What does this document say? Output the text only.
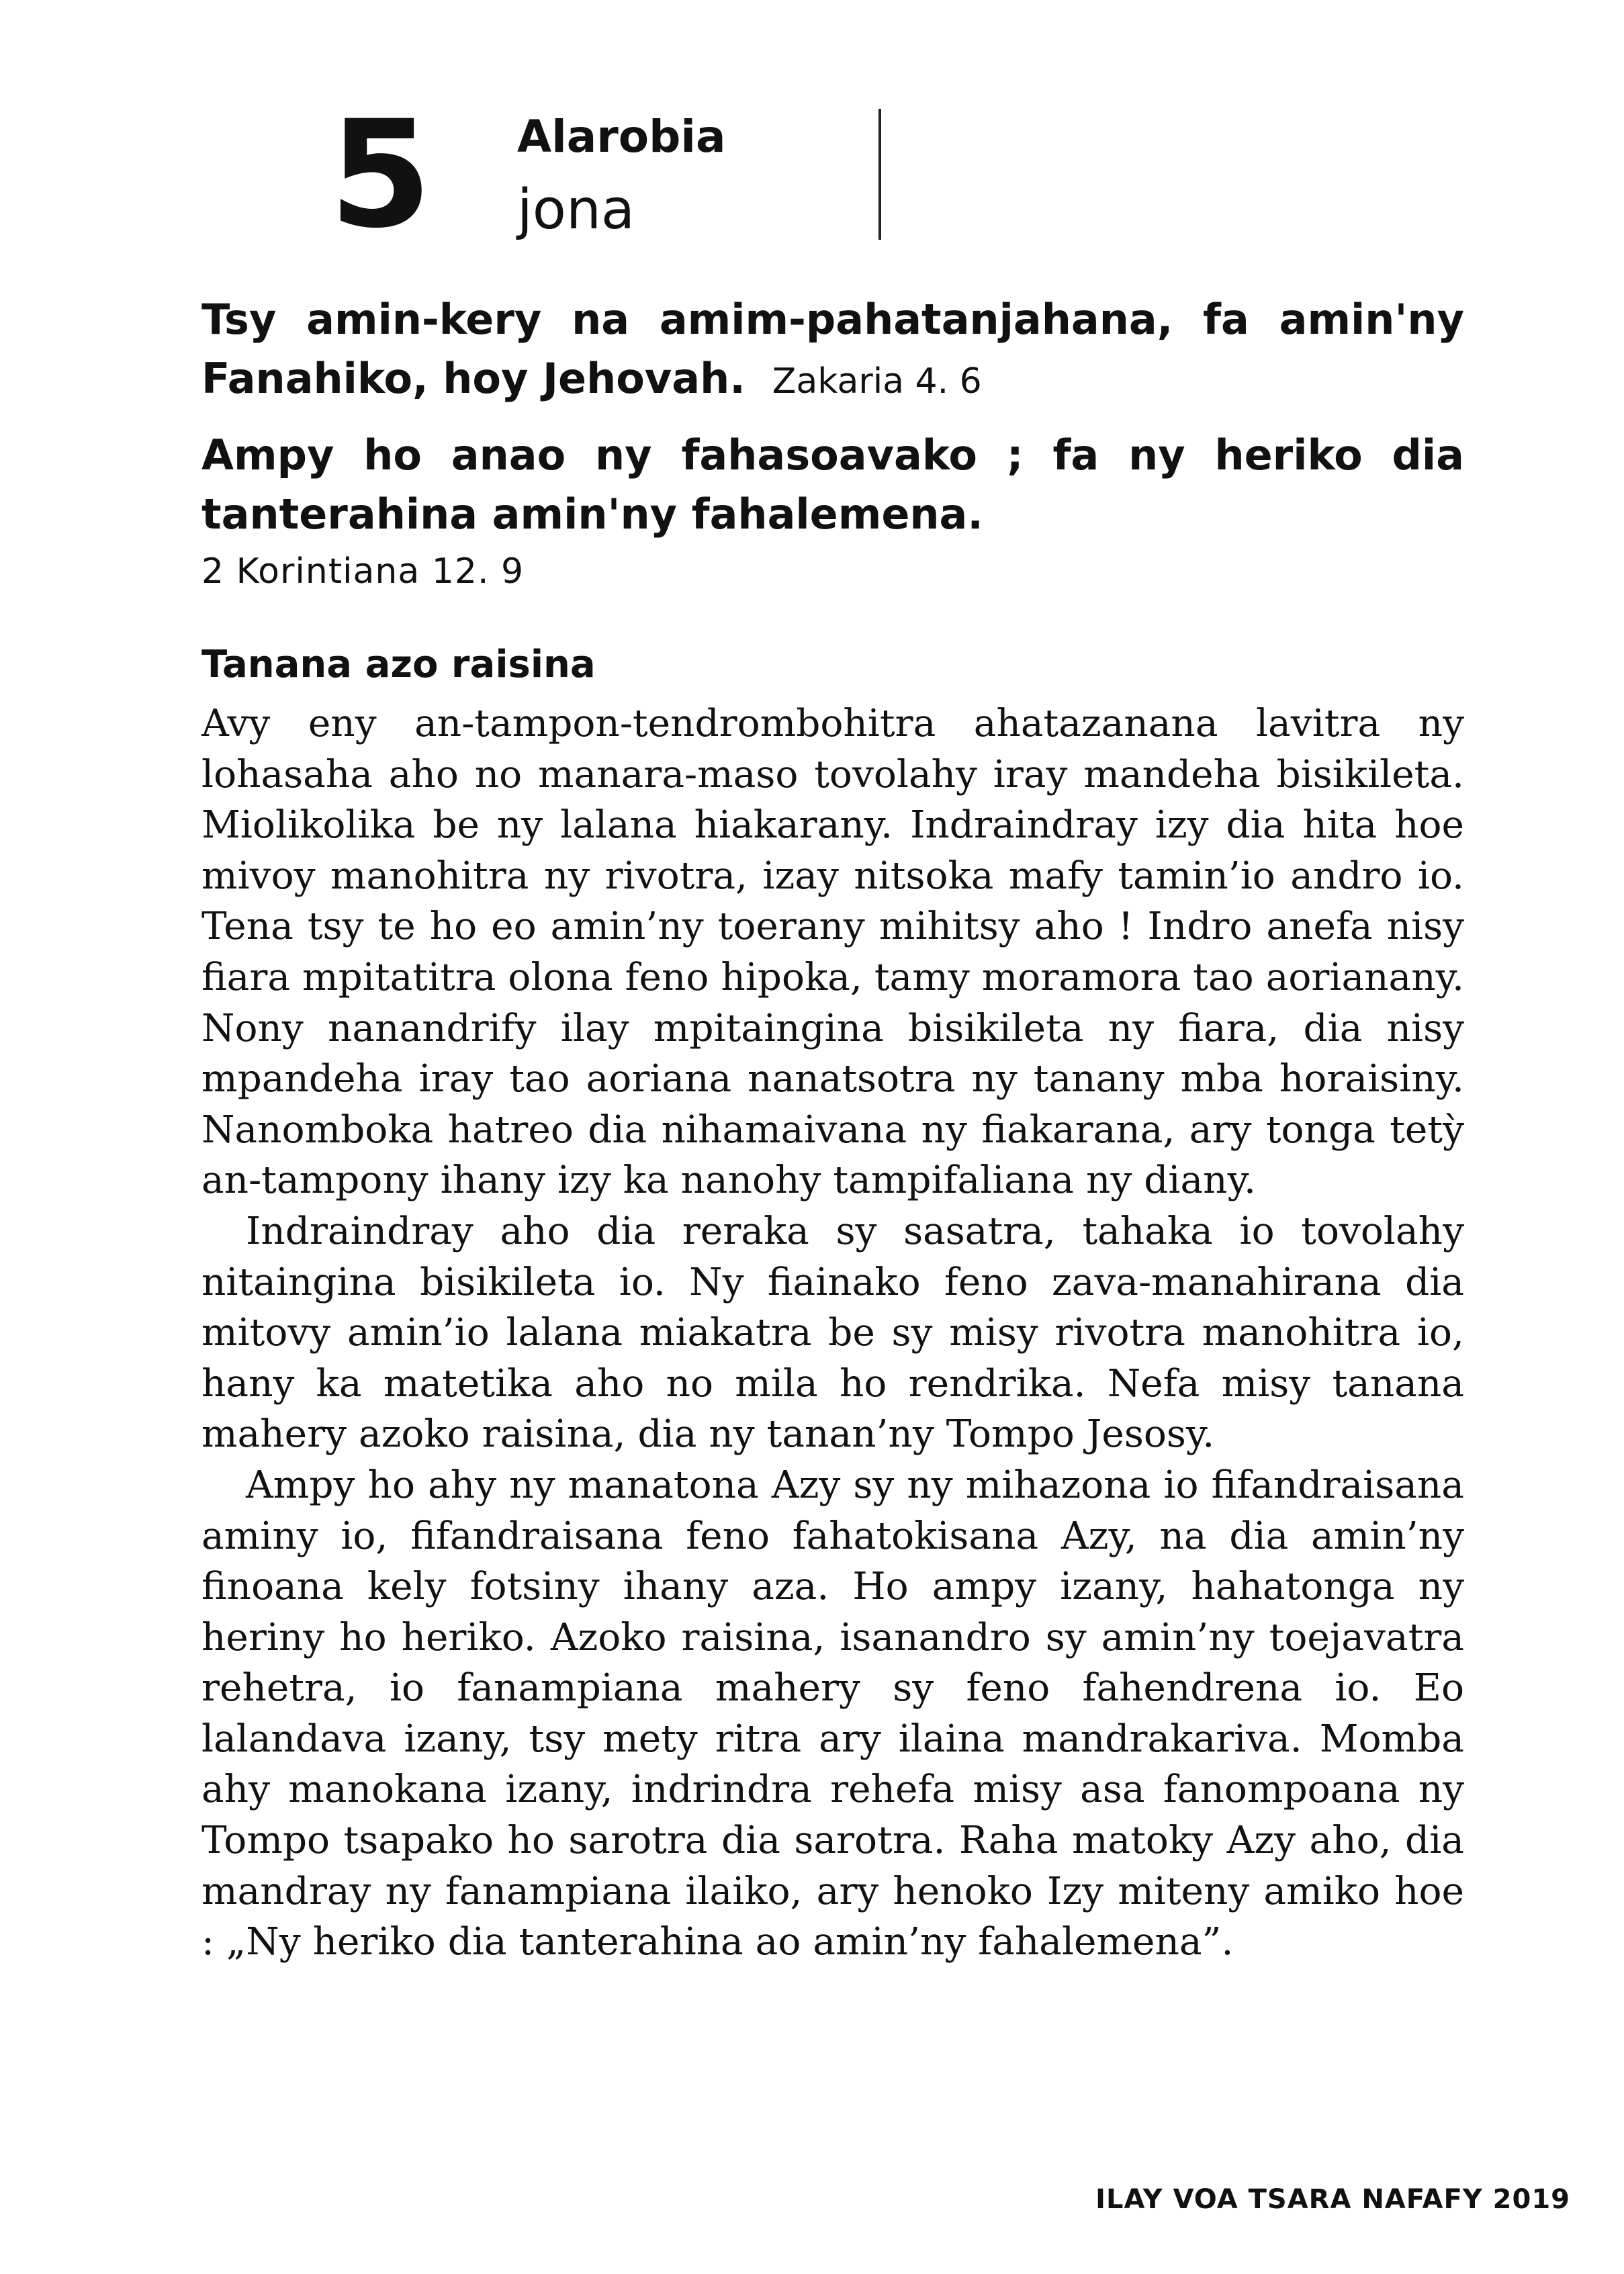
5 Alarobia
jona
Tsy amin-kery na amim-pahatanjahana, fa amin'ny Fanahiko, hoy Jehovah. Zakaria 4. 6
Ampy ho anao ny fahasoavako ; fa ny heriko dia tanterahina amin'ny fahalemena.
2 Korintiana 12. 9
Tanana azo raisina

Avy eny an-tampon-tendrombohitra ahatazanana lavitra ny lohasaha aho no manara-maso tovolahy iray mandeha bisikileta. Miolikolika be ny lalana hiakarany. Indraindray izy dia hita hoe mivoy manohitra ny rivotra, izay nitsoka mafy tamin’io andro io. Tena tsy te ho eo amin’ny toerany mihitsy aho ! Indro anefa nisy fiara mpitatitra olona feno hipoka, tamy moramora tao aorianany. Nony nanandrify ilay mpitaingina bisikileta ny fiara, dia nisy mpandeha iray tao aoriana nanatsotra ny tanany mba horaisiny. Nanomboka hatreo dia nihamaivana ny fiakarana, ary tonga tetỳ an-tampony ihany izy ka nanohy tampifaliana ny diany.

Indraindray aho dia reraka sy sasatra, tahaka io tovolahy nitaingina bisikileta io. Ny fiainako feno zava-manahirana dia mitovy amin’io lalana miakatra be sy misy rivotra manohitra io, hany ka matetika aho no mila ho rendrika. Nefa misy tanana mahery azoko raisina, dia ny tanan’ny Tompo Jesosy.

Ampy ho ahy ny manatona Azy sy ny mihazona io fifandraisana aminy io, fifandraisana feno fahatokisana Azy, na dia amin’ny finoana kely fotsiny ihany aza. Ho ampy izany, hahatonga ny heriny ho heriko. Azoko raisina, isanandro sy amin’ny toejavatra rehetra, io fanampiana mahery sy feno fahendrena io. Eo lalandava izany, tsy mety ritra ary ilaina mandrakariva. Momba ahy manokana izany, indrindra rehefa misy asa fanompoana ny Tompo tsapako ho sarotra dia sarotra. Raha matoky Azy aho, dia mandray ny fanampiana ilaiko, ary henoko Izy miteny amiko hoe : „Ny heriko dia tanterahina ao amin’ny fahalemena”.

ILAY VOA TSARA NAFAFY 2019
